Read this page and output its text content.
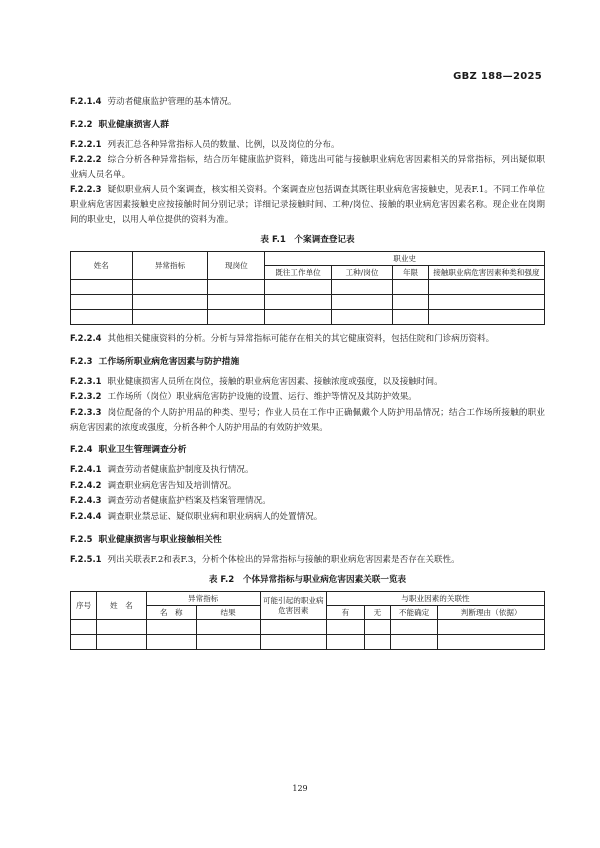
GBZ 188—2025

F.2.1.4 劳动者健康监护管理的基本情况。

F.2.2 职业健康损害人群

F.2.2.1 列表汇总各种异常指标人员的数量、比例，以及岗位的分布。

F.2.2.2 综合分析各种异常指标，结合历年健康监护资料，筛选出可能与接触职业病危害因素相关的异常指标，列出疑似职业病人员名单。

F.2.2.3 疑似职业病人员个案调查，核实相关资料。个案调查应包括调查其既往职业病危害接触史，见表F.1。不同工作单位职业病危害因素接触史应按接触时间分别记录；详细记录接触时间、工种/岗位、接触的职业病危害因素名称。现企业在岗期间的职业史，以用人单位提供的资料为准。

表 F.1　个案调查登记表
姓名	异常指标	现岗位	职业史			
			既往工作单位	工种/岗位	年限	接触职业病危害因素种类和强度

F.2.2.4 其他相关健康资料的分析。分析与异常指标可能存在相关的其它健康资料，包括住院和门诊病历资料。

F.2.3 工作场所职业病危害因素与防护措施

F.2.3.1 职业健康损害人员所在岗位，接触的职业病危害因素、接触浓度或强度，以及接触时间。

F.2.3.2 工作场所（岗位）职业病危害防护设施的设置、运行、维护等情况及其防护效果。

F.2.3.3 岗位配备的个人防护用品的种类、型号；作业人员在工作中正确佩戴个人防护用品情况；结合工作场所接触的职业病危害因素的浓度或强度，分析各种个人防护用品的有效防护效果。

F.2.4 职业卫生管理调查分析

F.2.4.1 调查劳动者健康监护制度及执行情况。

F.2.4.2 调查职业病危害告知及培训情况。

F.2.4.3 调查劳动者健康监护档案及档案管理情况。

F.2.4.4 调查职业禁忌证、疑似职业病和职业病病人的处置情况。

F.2.5 职业健康损害与职业接触相关性

F.2.5.1 列出关联表F.2和表F.3，分析个体检出的异常指标与接触的职业病危害因素是否存在关联性。

表 F.2　个体异常指标与职业病危害因素关联一览表
序号	姓　名	异常指标		可能引起的职业病危害因素	与职业因素的关联性			
		名　称	结果		有	无	不能确定	判断理由（依据）

129
